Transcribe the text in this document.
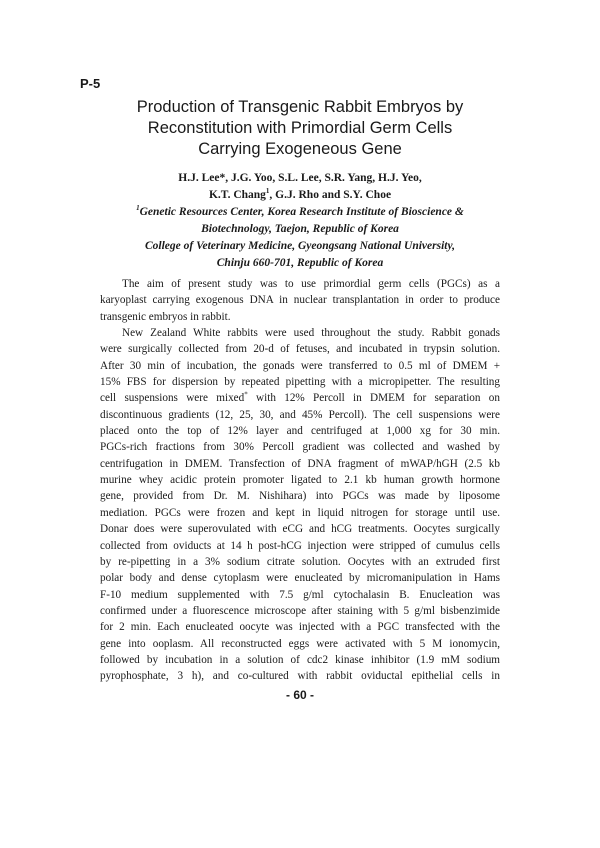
P-5
Production of Transgenic Rabbit Embryos by
Reconstitution with Primordial Germ Cells
Carrying Exogeneous Gene
H.J. Lee*, J.G. Yoo, S.L. Lee, S.R. Yang, H.J. Yeo,
K.T. Chang$^1$, G.J. Rho and S.Y. Choe
$^1$Genetic Resources Center, Korea Research Institute of Bioscience &
Biotechnology, Taejon, Republic of Korea
College of Veterinary Medicine, Gyeongsang National University,
Chinju 660-701, Republic of Korea
The aim of present study was to use primordial germ cells (PGCs) as a
karyoplast carrying exogenous DNA in nuclear transplantation in order to produce
transgenic embryos in rabbit.
New Zealand White rabbits were used throughout the study. Rabbit gonads
were surgically collected from 20-d of fetuses, and incubated in trypsin solution.
After 30 min of incubation, the gonads were transferred to 0.5 ml of DMEM +
15% FBS for dispersion by repeated pipetting with a micropipetter. The resulting
cell suspensions were mixed* with 12% Percoll in DMEM for separation on
discontinuous gradients (12, 25, 30, and 45% Percoll). The cell suspensions were
placed onto the top of 12% layer and centrifuged at 1,000 xg for 30 min.
PGCs-rich fractions from 30% Percoll gradient was collected and washed by
centrifugation in DMEM. Transfection of DNA fragment of mWAP/hGH (2.5 kb
murine whey acidic protein promoter ligated to 2.1 kb human growth hormone
gene, provided from Dr. M. Nishihara) into PGCs was made by liposome
mediation. PGCs were frozen and kept in liquid nitrogen for storage until use.
Donar does were superovulated with eCG and hCG treatments. Oocytes surgically
collected from oviducts at 14 h post-hCG injection were stripped of cumulus cells
by re-pipetting in a 3% sodium citrate solution. Oocytes with an extruded first
polar body and dense cytoplasm were enucleated by micromanipulation in Hams
F-10 medium supplemented with 7.5 g/ml cytochalasin B. Enucleation was
confirmed under a fluorescence microscope after staining with 5 g/ml bisbenzimide
for 2 min. Each enucleated oocyte was injected with a PGC transfected with the
gene into ooplasm. All reconstructed eggs were activated with 5 M ionomycin,
followed by incubation in a solution of cdc2 kinase inhibitor (1.9 mM sodium
pyrophosphate, 3 h), and co-cultured with rabbit oviductal epithelial cells in
- 60 -
